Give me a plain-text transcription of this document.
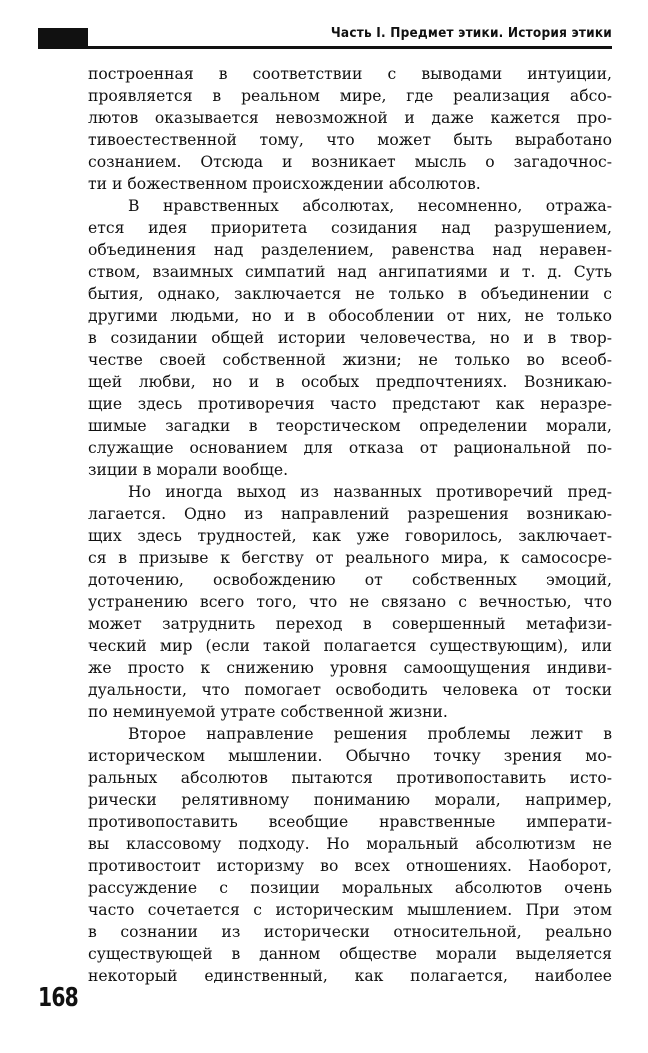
Часть I. Предмет этики. История этики
построенная в соответствии с выводами интуиции,
проявляется в реальном мире, где реализация абсо-
лютов оказывается невозможной и даже кажется про-
тивоестественной тому, что может быть выработано
сознанием. Отсюда и возникает мысль о загадочнос-
ти и божественном происхождении абсолютов.
В нравственных абсолютах, несомненно, отража-
ется идея приоритета созидания над разрушением,
объединения над разделением, равенства над неравен-
ством, взаимных симпатий над ангипатиями и т. д. Суть
бытия, однако, заключается не только в объединении с
другими людьми, но и в обособлении от них, не только
в созидании общей истории человечества, но и в твор-
честве своей собственной жизни; не только во всеоб-
щей любви, но и в особых предпочтениях. Возникаю-
щие здесь противоречия часто предстают как неразре-
шимые загадки в теорстическом определении морали,
служащие основанием для отказа от рациональной по-
зиции в морали вообще.
Но иногда выход из названных противоречий пред-
лагается. Одно из направлений разрешения возникаю-
щих здесь трудностей, как уже говорилось, заключает-
ся в призыве к бегству от реального мира, к самососре-
доточению, освобождению от собственных эмоций,
устранению всего того, что не связано с вечностью, что
может затруднить переход в совершенный метафизи-
ческий мир (если такой полагается существующим), или
же просто к снижению уровня самоощущения индиви-
дуальности, что помогает освободить человека от тоски
по неминуемой утрате собственной жизни.
Второе направление решения проблемы лежит в
историческом мышлении. Обычно точку зрения мо-
ральных абсолютов пытаются противопоставить исто-
рически релятивному пониманию морали, например,
противопоставить всеобщие нравственные императи-
вы классовому подходу. Но моральный абсолютизм не
противостоит историзму во всех отношениях. Наоборот,
рассуждение с позиции моральных абсолютов очень
часто сочетается с историческим мышлением. При этом
в сознании из исторически относительной, реально
существующей в данном обществе морали выделяется
некоторый единственный, как полагается, наиболее
168
